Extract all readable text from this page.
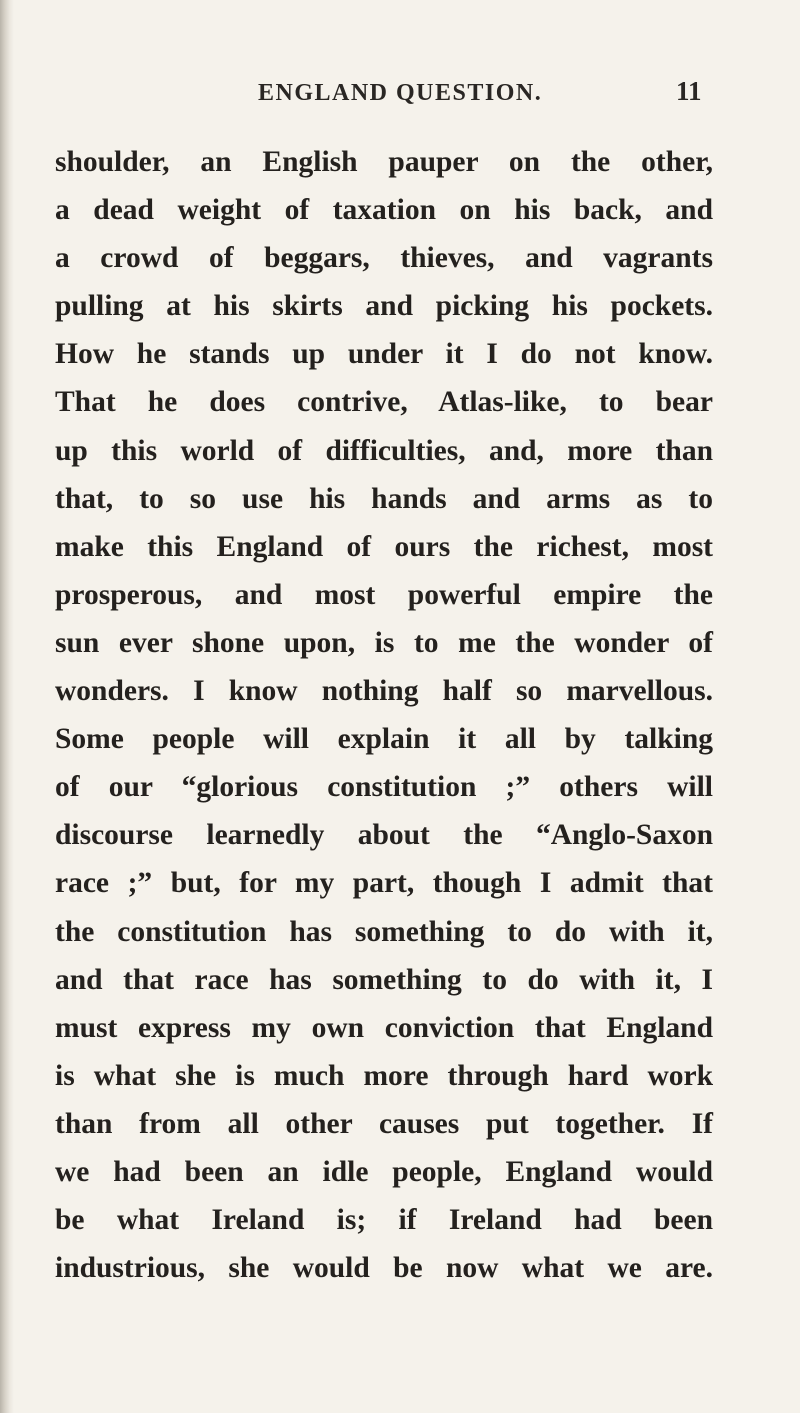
ENGLAND QUESTION.	11
shoulder, an English pauper on the other,
a dead weight of taxation on his back, and
a crowd of beggars, thieves, and vagrants
pulling at his skirts and picking his pockets.
How he stands up under it I do not know.
That he does contrive, Atlas-like, to bear
up this world of difficulties, and, more than
that, to so use his hands and arms as to
make this England of ours the richest, most
prosperous, and most powerful empire the
sun ever shone upon, is to me the wonder of
wonders. I know nothing half so marvellous.
Some people will explain it all by talking
of our “glorious constitution ;” others will
discourse learnedly about the “Anglo-Saxon
race ;” but, for my part, though I admit that
the constitution has something to do with it,
and that race has something to do with it, I
must express my own conviction that England
is what she is much more through hard work
than from all other causes put together. If
we had been an idle people, England would
be what Ireland is; if Ireland had been
industrious, she would be now what we are.
